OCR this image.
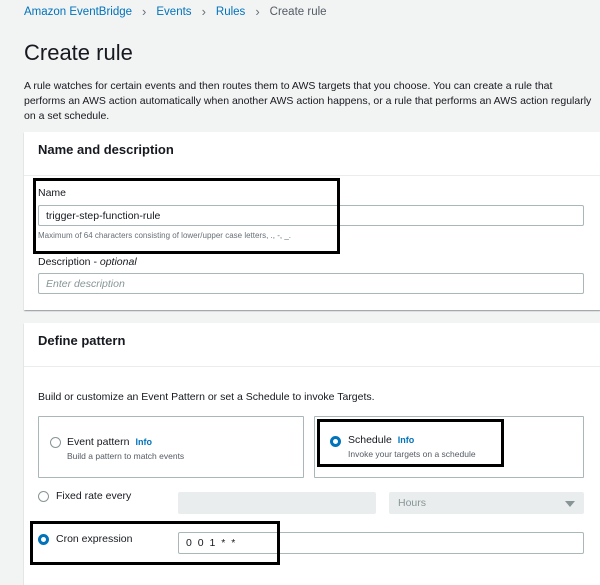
Amazon EventBridge › Events › Rules › Create rule
Create rule

A rule watches for certain events and then routes them to AWS targets that you choose. You can create a rule that performs an AWS action automatically when another AWS action happens, or a rule that performs an AWS action regularly on a set schedule.

Name and description
Name
trigger-step-function-rule
Maximum of 64 characters consisting of lower/upper case letters, ., -, _.
Description - optional
Enter description
Define pattern

Build or customize an Event Pattern or set a Schedule to invoke Targets.

Event pattern Info
Build a pattern to match events
Schedule Info
Invoke your targets on a schedule
Fixed rate every
Hours
Cron expression
0 0 1 * *
